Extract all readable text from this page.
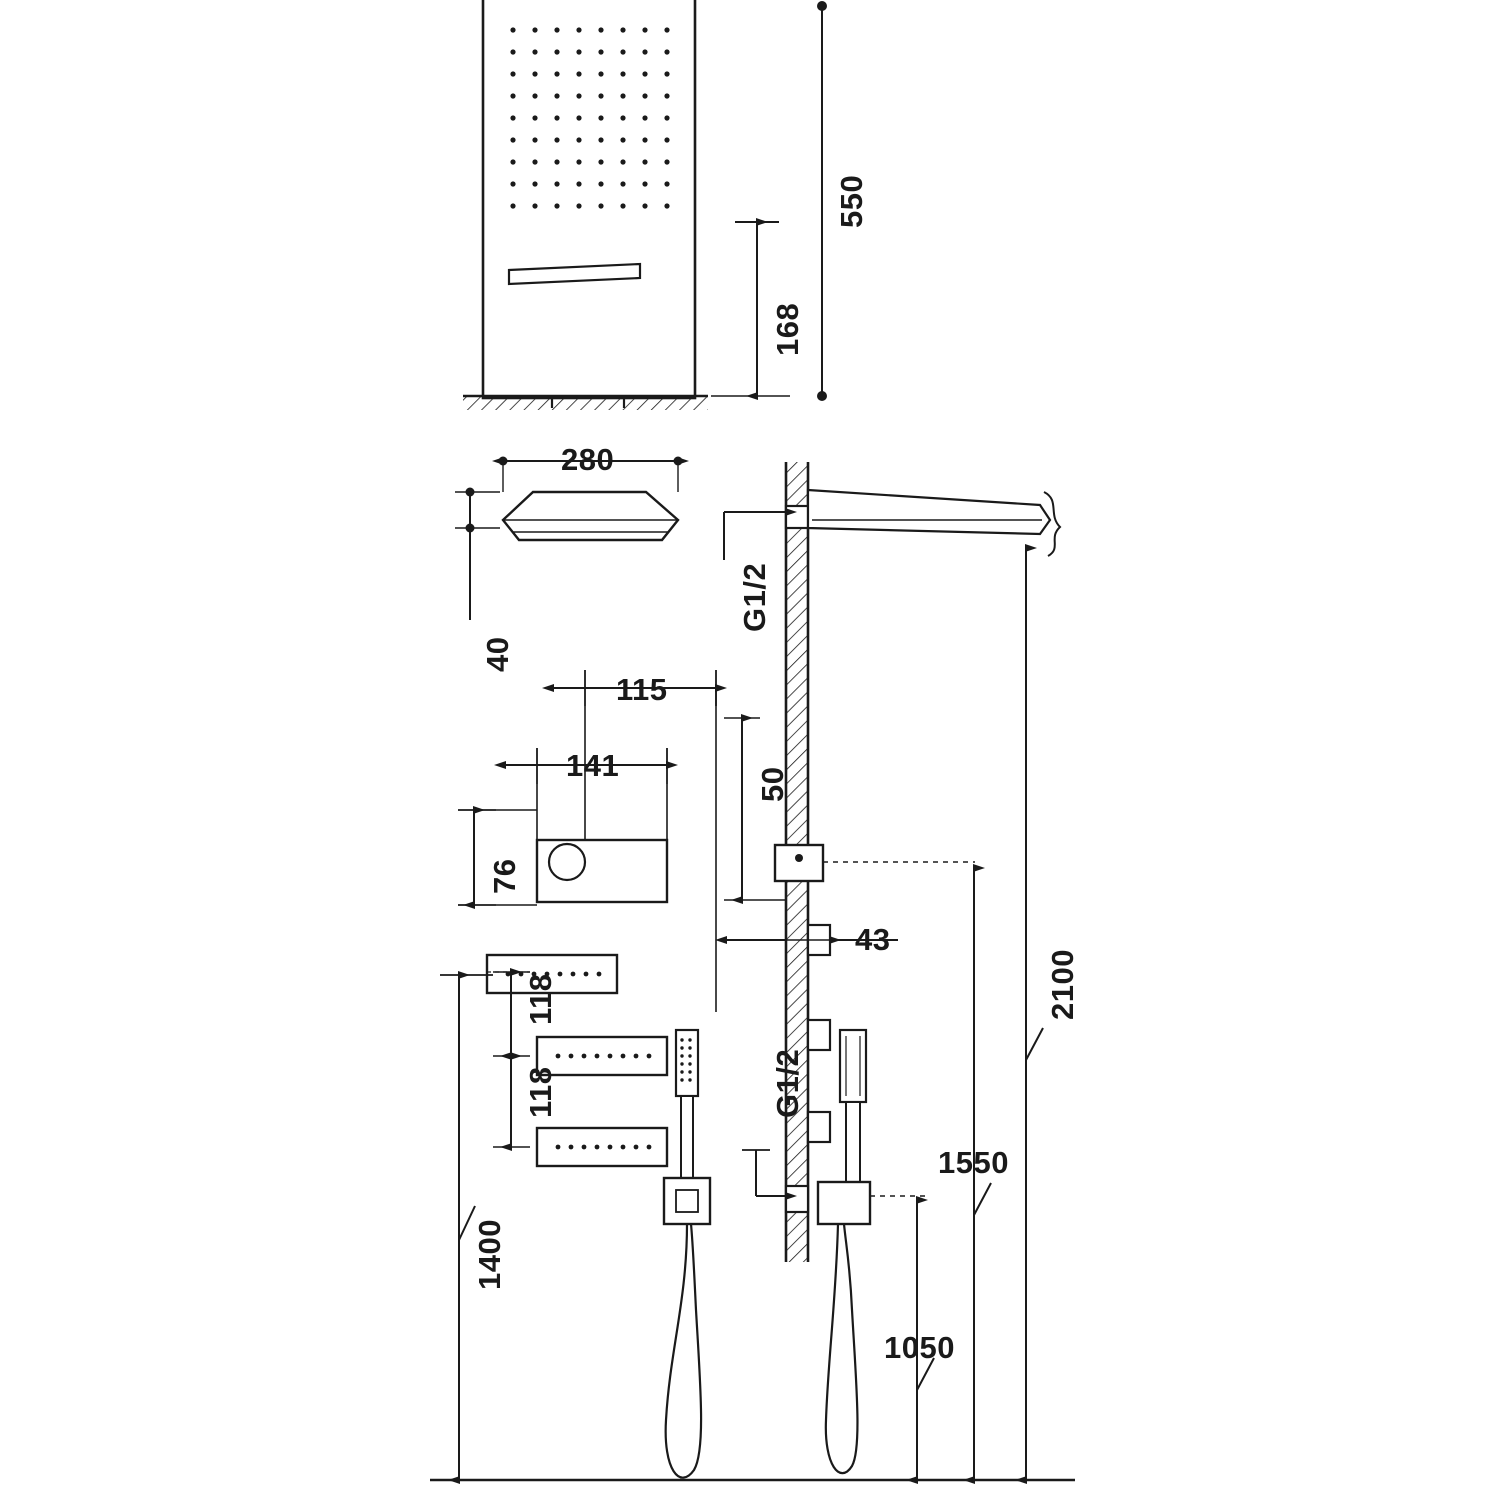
550
168
280
40
G1/2
115
141
76
50
43
118
118
1400
G1/2
2100
1550
1050
